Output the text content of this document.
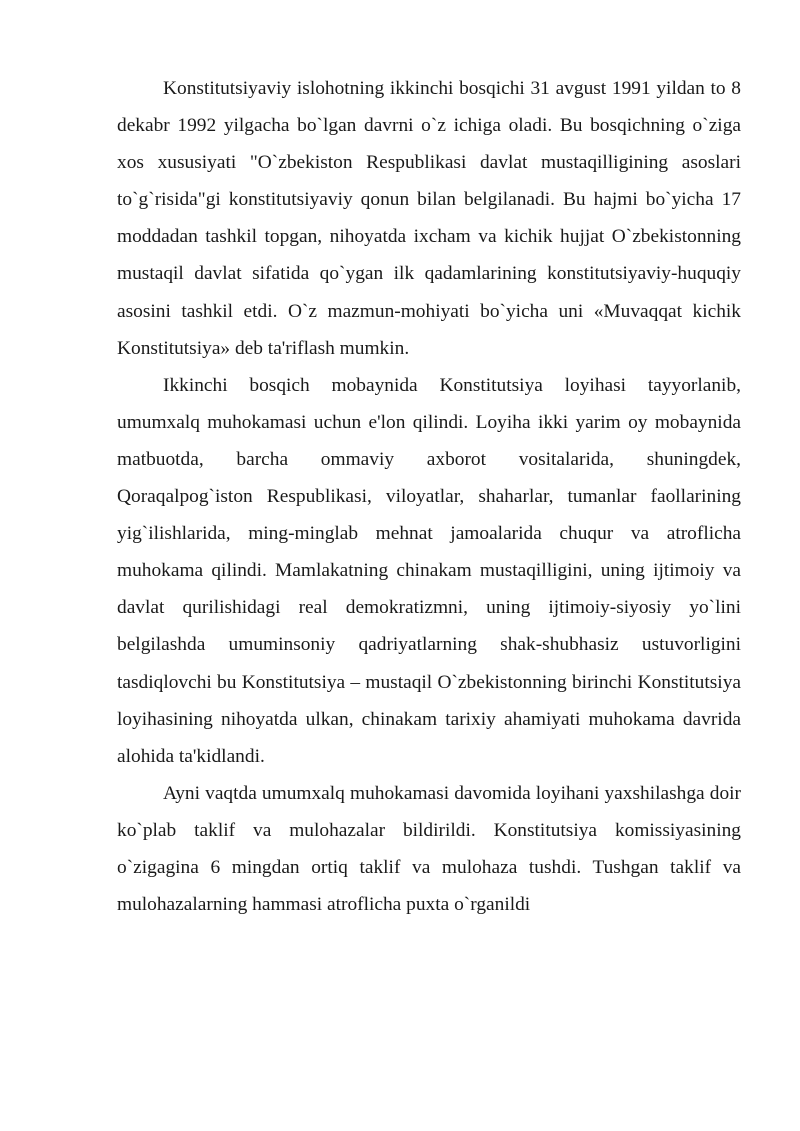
Konstitutsiyaviy islohotning ikkinchi bosqichi 31 avgust 1991 yildan to 8 dekabr 1992 yilgacha bo`lgan davrni o`z ichiga oladi. Bu bosqichning o`ziga xos xususiyati "O`zbekiston Respublikasi davlat mustaqilligining asoslari to`g`risida"gi konstitutsiyaviy qonun bilan belgilanadi. Bu hajmi bo`yicha 17 moddadan tashkil topgan, nihoyatda ixcham va kichik hujjat O`zbekistonning mustaqil davlat sifatida qo`ygan ilk qadamlarining konstitutsiyaviy-huquqiy asosini tashkil etdi. O`z mazmun-mohiyati bo`yicha uni «Muvaqqat kichik Konstitutsiya» deb ta'riflash mumkin.

Ikkinchi bosqich mobaynida Konstitutsiya loyihasi tayyorlanib, umumxalq muhokamasi uchun e'lon qilindi. Loyiha ikki yarim oy mobaynida matbuotda, barcha ommaviy axborot vositalarida, shuningdek, Qoraqalpog`iston Respublikasi, viloyatlar, shaharlar, tumanlar faollarining yig`ilishlarida, ming-minglab mehnat jamoalarida chuqur va atroflicha muhokama qilindi. Mamlakatning chinakam mustaqilligini, uning ijtimoiy va davlat qurilishidagi real demokratizmni, uning ijtimoiy-siyosiy yo`lini belgilashda umuminsoniy qadriyatlarning shak-shubhasiz ustuvorligini tasdiqlovchi bu Konstitutsiya – mustaqil O`zbekistonning birinchi Konstitutsiya loyihasining nihoyatda ulkan, chinakam tarixiy ahamiyati muhokama davrida alohida ta'kidlandi.

Ayni vaqtda umumxalq muhokamasi davomida loyihani yaxshilashga doir ko`plab taklif va mulohazalar bildirildi. Konstitutsiya komissiyasining o`zigagina 6 mingdan ortiq taklif va mulohaza tushdi. Tushgan taklif va mulohazalarning hammasi atroflicha puxta o`rganildi
